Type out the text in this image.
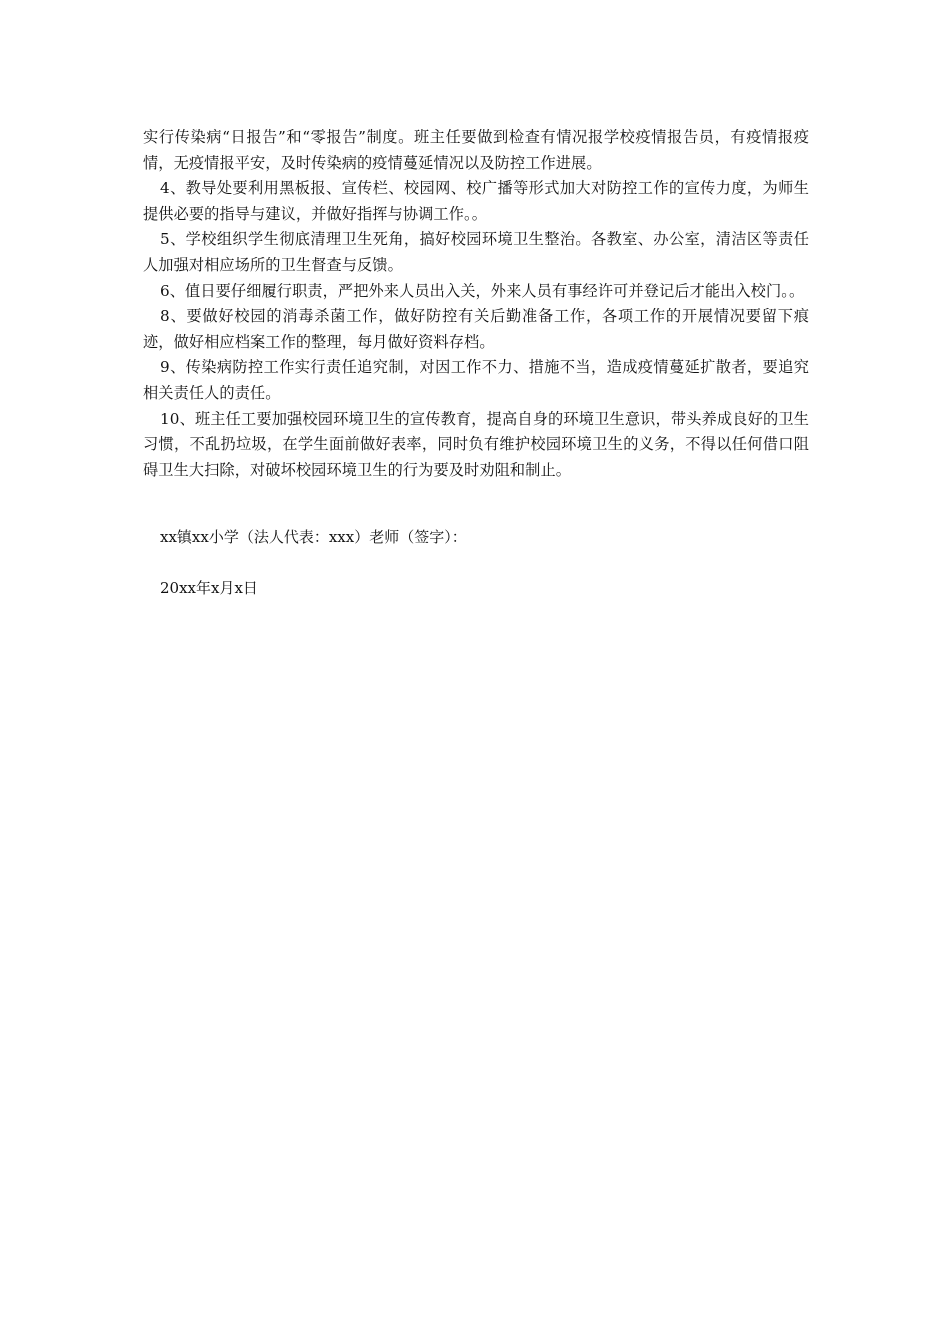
实行传染病“日报告”和“零报告”制度。班主任要做到检查有情况报学校疫情报告员，有疫情报疫情，无疫情报平安，及时传染病的疫情蔓延情况以及防控工作进展。

4、教导处要利用黑板报、宣传栏、校园网、校广播等形式加大对防控工作的宣传力度，为师生提供必要的指导与建议，并做好指挥与协调工作。。

5、学校组织学生彻底清理卫生死角，搞好校园环境卫生整治。各教室、办公室，清洁区等责任人加强对相应场所的卫生督查与反馈。

6、值日要仔细履行职责，严把外来人员出入关，外来人员有事经许可并登记后才能出入校门。。

8、要做好校园的消毒杀菌工作，做好防控有关后勤准备工作，各项工作的开展情况要留下痕迹，做好相应档案工作的整理，每月做好资料存档。

9、传染病防控工作实行责任追究制，对因工作不力、措施不当，造成疫情蔓延扩散者，要追究相关责任人的责任。

10、班主任工要加强校园环境卫生的宣传教育，提高自身的环境卫生意识，带头养成良好的卫生习惯，不乱扔垃圾，在学生面前做好表率，同时负有维护校园环境卫生的义务，不得以任何借口阻碍卫生大扫除，对破坏校园环境卫生的行为要及时劝阻和制止。

xx镇xx小学（法人代表：xxx）老师（签字）：

20xx年x月x日
